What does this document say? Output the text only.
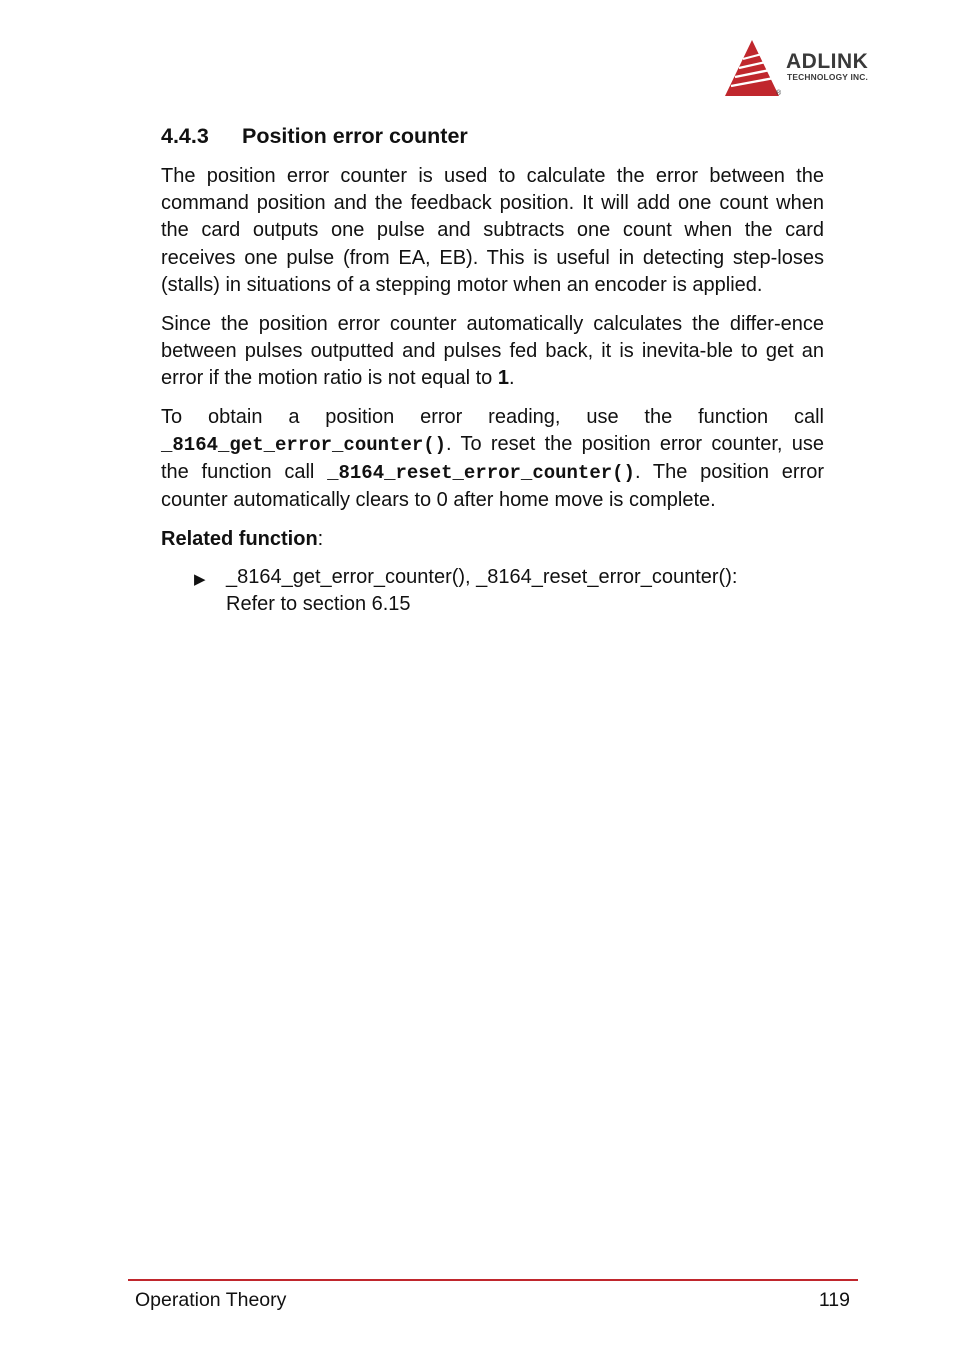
ADLINK
TECHNOLOGY INC.
®
4.4.3 Position error counter

The position error counter is used to calculate the error between the command position and the feedback position. It will add one count when the card outputs one pulse and subtracts one count when the card receives one pulse (from EA, EB). This is useful in detecting step-loses (stalls) in situations of a stepping motor when an encoder is applied.

Since the position error counter automatically calculates the differ-ence between pulses outputted and pulses fed back, it is inevita-ble to get an error if the motion ratio is not equal to 1.

To obtain a position error reading, use the function call _8164_get_error_counter(). To reset the position error counter, use the function call _8164_reset_error_counter(). The position error counter automatically clears to 0 after home move is complete.

Related function:
▶ _8164_get_error_counter(), _8164_reset_error_counter():
Refer to section 6.15
Operation Theory	119
